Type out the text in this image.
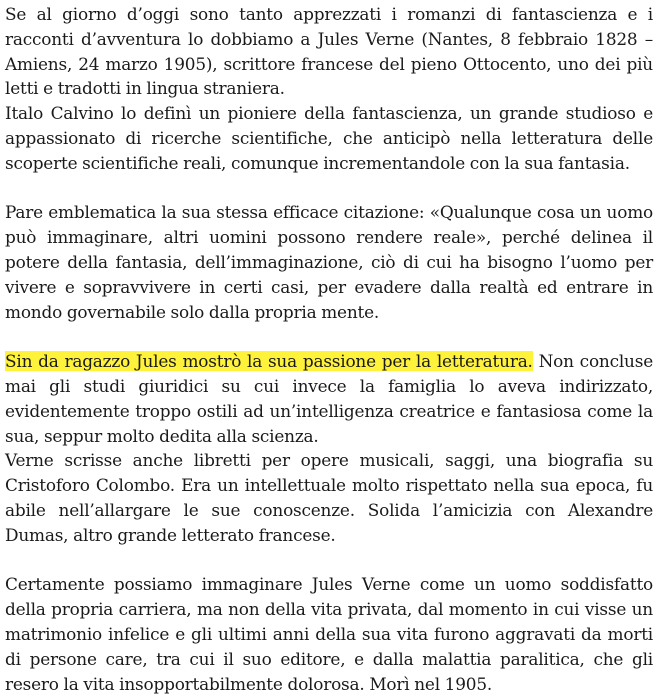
Se al giorno d’oggi sono tanto apprezzati i romanzi di fantascienza e i racconti d’avventura lo dobbiamo a Jules Verne (Nantes, 8 febbraio 1828 – Amiens, 24 marzo 1905), scrittore francese del pieno Ottocento, uno dei più letti e tradotti in lingua straniera.

Italo Calvino lo definì un pioniere della fantascienza, un grande studioso e appassionato di ricerche scientifiche, che anticipò nella letteratura delle scoperte scientifiche reali, comunque incrementandole con la sua fantasia.

Pare emblematica la sua stessa efficace citazione: «Qualunque cosa un uomo può immaginare, altri uomini possono rendere reale», perché delinea il potere della fantasia, dell’immaginazione, ciò di cui ha bisogno l’uomo per vivere e sopravvivere in certi casi, per evadere dalla realtà ed entrare in mondo governabile solo dalla propria mente.

Sin da ragazzo Jules mostrò la sua passione per la letteratura. Non concluse mai gli studi giuridici su cui invece la famiglia lo aveva indirizzato, evidentemente troppo ostili ad un’intelligenza creatrice e fantasiosa come la sua, seppur molto dedita alla scienza.

Verne scrisse anche libretti per opere musicali, saggi, una biografia su Cristoforo Colombo. Era un intellettuale molto rispettato nella sua epoca, fu abile nell’allargare le sue conoscenze. Solida l’amicizia con Alexandre Dumas, altro grande letterato francese.

Certamente possiamo immaginare Jules Verne come un uomo soddisfatto della propria carriera, ma non della vita privata, dal momento in cui visse un matrimonio infelice e gli ultimi anni della sua vita furono aggravati da morti di persone care, tra cui il suo editore, e dalla malattia paralitica, che gli resero la vita insopportabilmente dolorosa. Morì nel 1905.
